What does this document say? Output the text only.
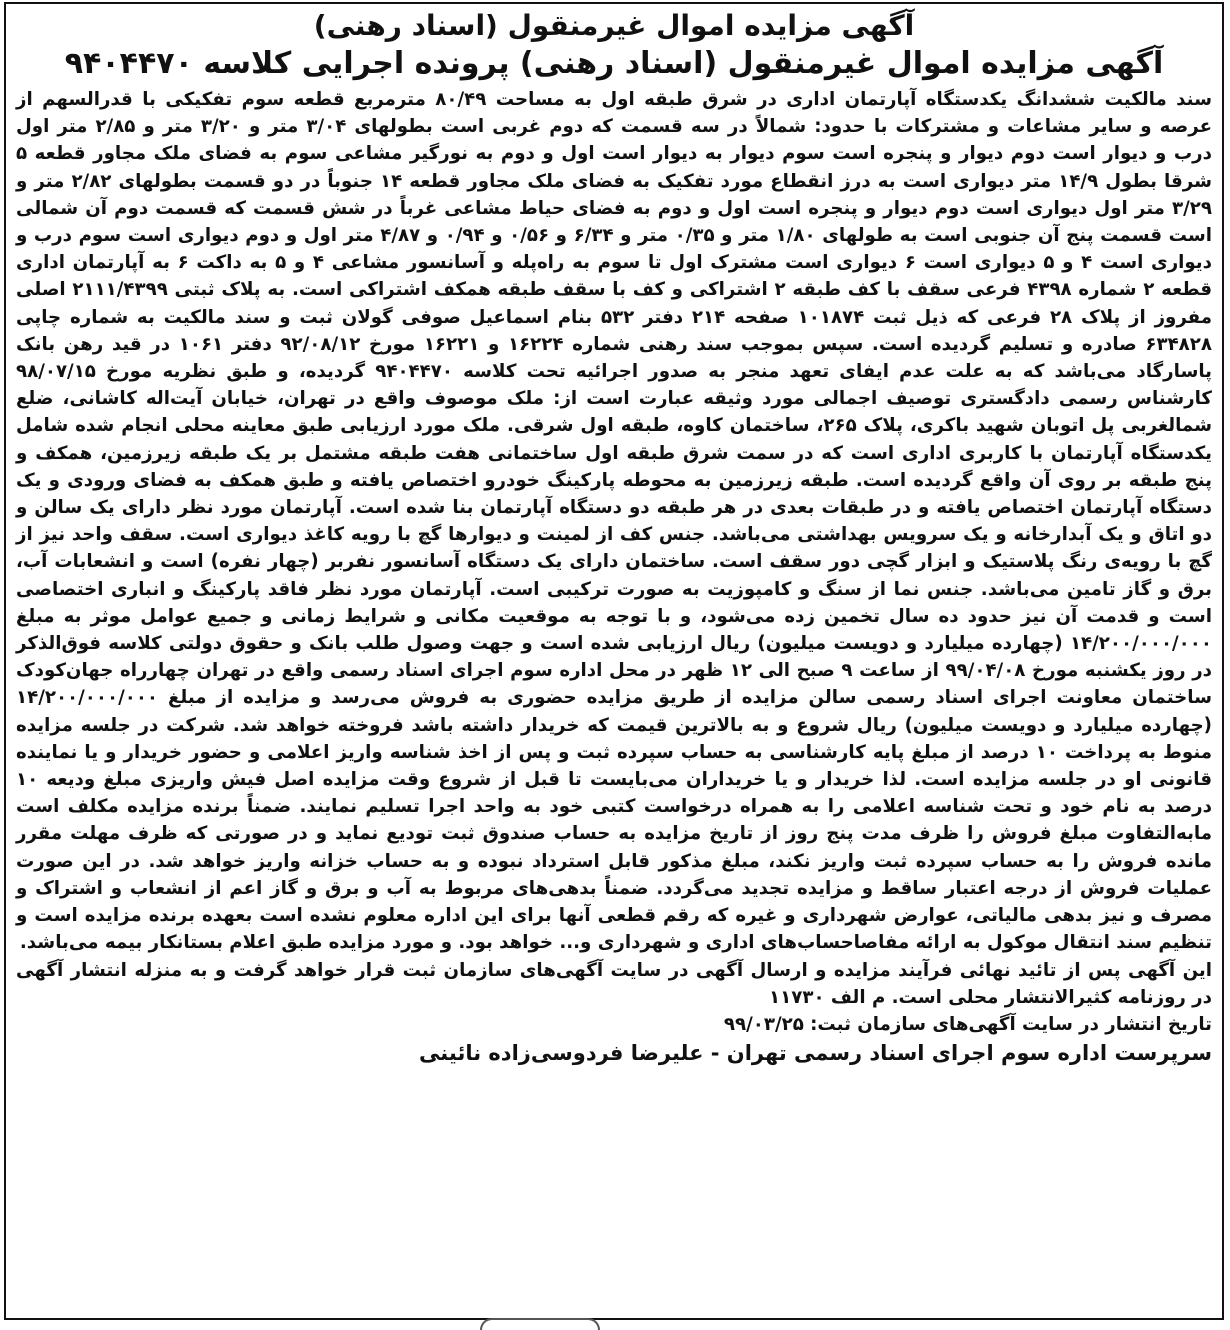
آگهی مزایده اموال غیرمنقول (اسناد رهنی)

آگهی مزایده اموال غیرمنقول (اسناد رهنی) پرونده اجرایی کلاسه ۹۴۰۴۴۷۰

سند مالکیت ششدانگ یکدستگاه آپارتمان اداری در شرق طبقه اول به مساحت ۸۰/۴۹ مترمربع قطعه سوم تفکیکی با قدرالسهم از عرصه و سایر مشاعات و مشترکات با حدود: شمالاً در سه قسمت که دوم غربی است بطولهای ۳/۰۴ متر و ۳/۲۰ متر و ۲/۸۵ متر اول درب و دیوار است دوم دیوار و پنجره است سوم دیوار به دیوار است اول و دوم به نورگیر مشاعی سوم به فضای ملک مجاور قطعه ۵ شرقا بطول ۱۴/۹ متر دیواری است به درز انقطاع مورد تفکیک به فضای ملک مجاور قطعه ۱۴ جنوباً در دو قسمت بطولهای ۲/۸۲ متر و ۳/۲۹ متر اول دیواری است دوم دیوار و پنجره است اول و دوم به فضای حیاط مشاعی غرباً در شش قسمت که قسمت دوم آن شمالی است قسمت پنج آن جنوبی است به طولهای ۱/۸۰ متر و ۰/۳۵ متر و ۶/۳۴ و ۰/۵۶ و ۰/۹۴ و ۴/۸۷ متر اول و دوم دیواری است سوم درب و دیواری است ۴ و ۵ دیواری است ۶ دیواری است مشترک اول تا سوم به راه‌پله و آسانسور مشاعی ۴ و ۵ به داکت ۶ به آپارتمان اداری قطعه ۲ شماره ۴۳۹۸ فرعی سقف با کف طبقه ۲ اشتراکی و کف با سقف طبقه همکف اشتراکی است. به پلاک ثبتی ۲۱۱۱/۴۳۹۹ اصلی مفروز از پلاک ۲۸ فرعی که ذیل ثبت ۱۰۱۸۷۴ صفحه ۲۱۴ دفتر ۵۳۲ بنام اسماعیل صوفی گولان ثبت و سند مالکیت به شماره چاپی ۶۳۴۸۲۸ صادره و تسلیم گردیده است. سپس بموجب سند رهنی شماره ۱۶۲۲۴ و ۱۶۲۲۱ مورخ ۹۲/۰۸/۱۲ دفتر ۱۰۶۱ در قید رهن بانک پاسارگاد می‌باشد که به علت عدم ایفای تعهد منجر به صدور اجرائیه تحت کلاسه ۹۴۰۴۴۷۰ گردیده، و طبق نظریه مورخ ۹۸/۰۷/۱۵ کارشناس رسمی دادگستری توصیف اجمالی مورد وثیقه عبارت است از: ملک موصوف واقع در تهران، خیابان آیت‌اله کاشانی، ضلع شمالغربی پل اتوبان شهید باکری، پلاک ۲۶۵، ساختمان کاوه، طبقه اول شرقی. ملک مورد ارزیابی طبق معاینه محلی انجام شده شامل یکدستگاه آپارتمان با کاربری اداری است که در سمت شرق طبقه اول ساختمانی هفت طبقه مشتمل بر یک طبقه زیرزمین، همکف و پنج طبقه بر روی آن واقع گردیده است. طبقه زیرزمین به محوطه پارکینگ خودرو اختصاص یافته و طبق همکف به فضای ورودی و یک دستگاه آپارتمان اختصاص یافته و در طبقات بعدی در هر طبقه دو دستگاه آپارتمان بنا شده است. آپارتمان مورد نظر دارای یک سالن و دو اتاق و یک آبدارخانه و یک سرویس بهداشتی می‌باشد. جنس کف از لمینت و دیوارها گچ با رویه کاغذ دیواری است. سقف واحد نیز از گچ با رویه‌ی رنگ پلاستیک و ابزار گچی دور سقف است. ساختمان دارای یک دستگاه آسانسور نفربر (چهار نفره) است و انشعابات آب، برق و گاز تامین می‌باشد. جنس نما از سنگ و کامپوزیت به صورت ترکیبی است. آپارتمان مورد نظر فاقد پارکینگ و انباری اختصاصی است و قدمت آن نیز حدود ده سال تخمین زده می‌شود، و با توجه به موقعیت مکانی و شرایط زمانی و جمیع عوامل موثر به مبلغ ۱۴/۲۰۰/۰۰۰/۰۰۰ (چهارده میلیارد و دویست میلیون) ریال ارزیابی شده است و جهت وصول طلب بانک و حقوق دولتی کلاسه فوق‌الذکر در روز یکشنبه مورخ ۹۹/۰۴/۰۸ از ساعت ۹ صبح الی ۱۲ ظهر در محل اداره سوم اجرای اسناد رسمی واقع در تهران چهارراه جهان‌کودک ساختمان معاونت اجرای اسناد رسمی سالن مزایده از طریق مزایده حضوری به فروش می‌رسد و مزایده از مبلغ ۱۴/۲۰۰/۰۰۰/۰۰۰ (چهارده میلیارد و دویست میلیون) ریال شروع و به بالاترین قیمت که خریدار داشته باشد فروخته خواهد شد. شرکت در جلسه مزایده منوط به پرداخت ۱۰ درصد از مبلغ پایه کارشناسی به حساب سپرده ثبت و پس از اخذ شناسه واریز اعلامی و حضور خریدار و یا نماینده قانونی او در جلسه مزایده است. لذا خریدار و یا خریداران می‌بایست تا قبل از شروع وقت مزایده اصل فیش واریزی مبلغ ودیعه ۱۰ درصد به نام خود و تحت شناسه اعلامی را به همراه درخواست کتبی خود به واحد اجرا تسلیم نمایند. ضمناً برنده مزایده مکلف است مابه‌التفاوت مبلغ فروش را ظرف مدت پنج روز از تاریخ مزایده به حساب صندوق ثبت تودیع نماید و در صورتی که ظرف مهلت مقرر مانده فروش را به حساب سپرده ثبت واریز نکند، مبلغ مذکور قابل استرداد نبوده و به حساب خزانه واریز خواهد شد. در این صورت عملیات فروش از درجه اعتبار ساقط و مزایده تجدید می‌گردد. ضمناً بدهی‌های مربوط به آب و برق و گاز اعم از انشعاب و اشتراک و مصرف و نیز بدهی مالیاتی، عوارض شهرداری و غیره که رقم قطعی آنها برای این اداره معلوم نشده است بعهده برنده مزایده است و تنظیم سند انتقال موکول به ارائه مفاصاحساب‌های اداری و شهرداری و... خواهد بود. و مورد مزایده طبق اعلام بستانکار بیمه می‌باشد.
این آگهی پس از تائید نهائی فرآیند مزایده و ارسال آگهی در سایت آگهی‌های سازمان ثبت قرار خواهد گرفت و به منزله انتشار آگهی در روزنامه کثیرالانتشار محلی است. م الف ۱۱۷۳۰

تاریخ انتشار در سایت آگهی‌های سازمان ثبت: ۹۹/۰۳/۲۵

سرپرست اداره سوم اجرای اسناد رسمی تهران - علیرضا فردوسی‌زاده نائینی
